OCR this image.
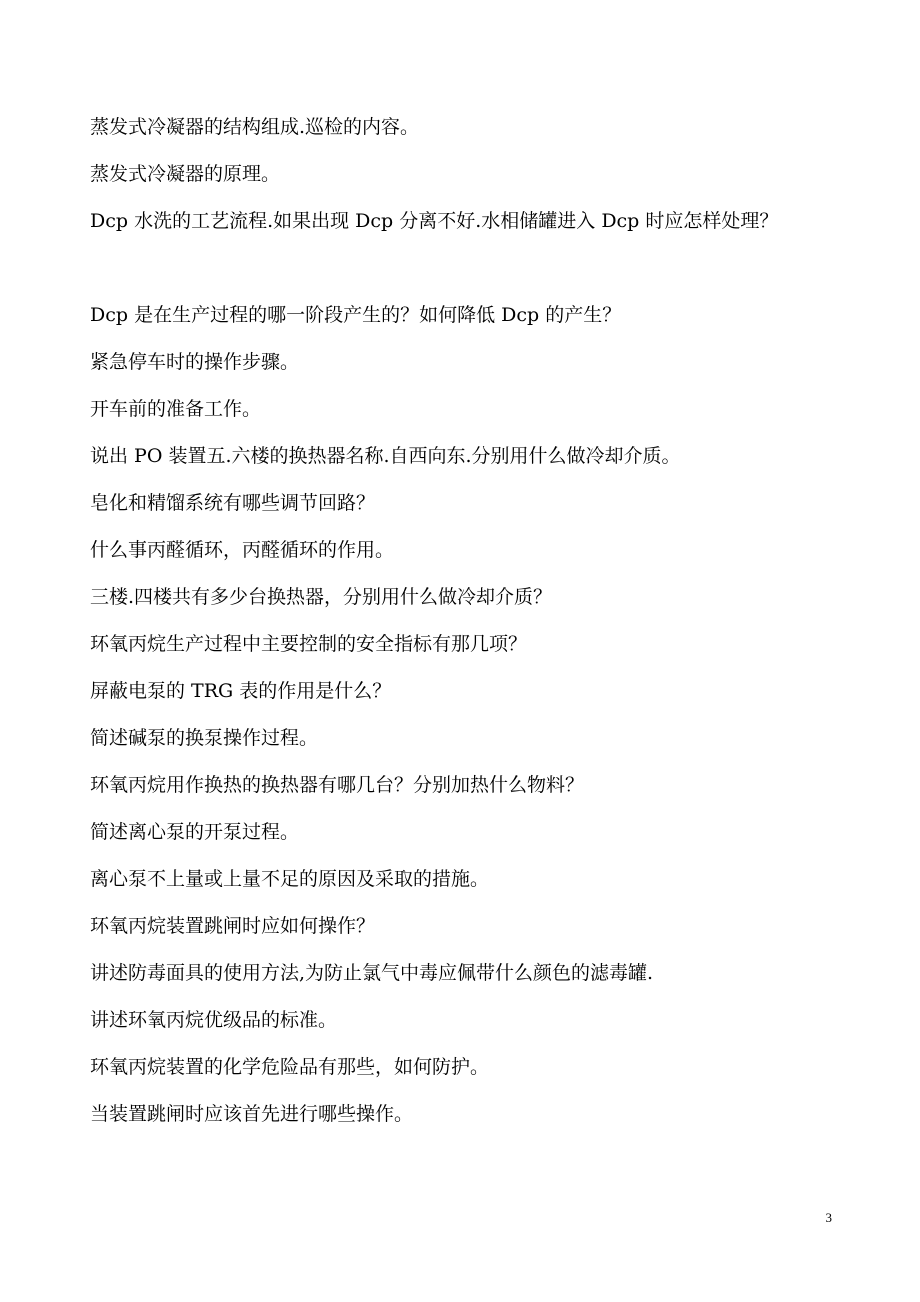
蒸发式冷凝器的结构组成.巡检的内容。
蒸发式冷凝器的原理。
Dcp 水洗的工艺流程.如果出现 Dcp 分离不好.水相储罐进入 Dcp 时应怎样处理？
Dcp 是在生产过程的哪一阶段产生的？如何降低 Dcp 的产生？
紧急停车时的操作步骤。
开车前的准备工作。
说出 PO 装置五.六楼的换热器名称.自西向东.分别用什么做冷却介质。
皂化和精馏系统有哪些调节回路？
什么事丙醛循环，丙醛循环的作用。
三楼.四楼共有多少台换热器，分别用什么做冷却介质？
环氧丙烷生产过程中主要控制的安全指标有那几项？
屏蔽电泵的 TRG 表的作用是什么？
简述碱泵的换泵操作过程。
环氧丙烷用作换热的换热器有哪几台？分别加热什么物料？
简述离心泵的开泵过程。
离心泵不上量或上量不足的原因及采取的措施。
环氧丙烷装置跳闸时应如何操作？
讲述防毒面具的使用方法,为防止氯气中毒应佩带什么颜色的滤毒罐.
讲述环氧丙烷优级品的标准。
环氧丙烷装置的化学危险品有那些，如何防护。
当装置跳闸时应该首先进行哪些操作。
3
